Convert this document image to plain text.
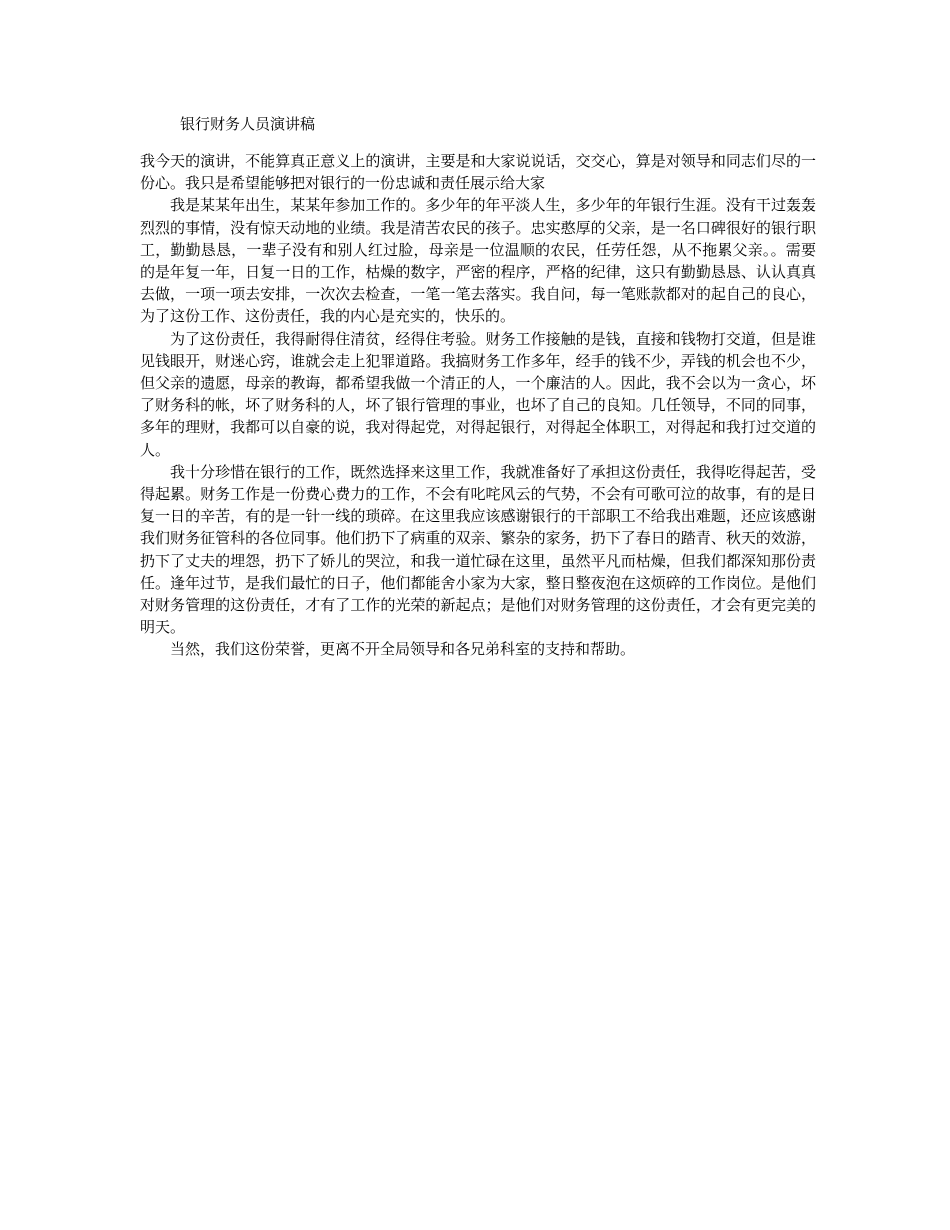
银行财务人员演讲稿

我今天的演讲，不能算真正意义上的演讲，主要是和大家说说话，交交心，算是对领导和同志们尽的一份心。我只是希望能够把对银行的一份忠诚和责任展示给大家

我是某某年出生，某某年参加工作的。多少年的年平淡人生，多少年的年银行生涯。没有干过轰轰烈烈的事情，没有惊天动地的业绩。我是清苦农民的孩子。忠实憨厚的父亲，是一名口碑很好的银行职工，勤勤恳恳，一辈子没有和别人红过脸，母亲是一位温顺的农民，任劳任怨，从不拖累父亲。。需要的是年复一年，日复一日的工作，枯燥的数字，严密的程序，严格的纪律，这只有勤勤恳恳、认认真真去做，一项一项去安排，一次次去检查，一笔一笔去落实。我自问，每一笔账款都对的起自己的良心，为了这份工作、这份责任，我的内心是充实的，快乐的。

为了这份责任，我得耐得住清贫，经得住考验。财务工作接触的是钱，直接和钱物打交道，但是谁见钱眼开，财迷心窍，谁就会走上犯罪道路。我搞财务工作多年，经手的钱不少，弄钱的机会也不少，但父亲的遗愿，母亲的教诲，都希望我做一个清正的人，一个廉洁的人。因此，我不会以为一贪心，坏了财务科的帐，坏了财务科的人，坏了银行管理的事业，也坏了自己的良知。几任领导，不同的同事，多年的理财，我都可以自豪的说，我对得起党，对得起银行，对得起全体职工，对得起和我打过交道的人。

我十分珍惜在银行的工作，既然选择来这里工作，我就准备好了承担这份责任，我得吃得起苦，受得起累。财务工作是一份费心费力的工作，不会有叱咤风云的气势，不会有可歌可泣的故事，有的是日复一日的辛苦，有的是一针一线的琐碎。在这里我应该感谢银行的干部职工不给我出难题，还应该感谢我们财务征管科的各位同事。他们扔下了病重的双亲、繁杂的家务，扔下了春日的踏青、秋天的效游，扔下了丈夫的埋怨，扔下了娇儿的哭泣，和我一道忙碌在这里，虽然平凡而枯燥，但我们都深知那份责任。逢年过节，是我们最忙的日子，他们都能舍小家为大家，整日整夜泡在这烦碎的工作岗位。是他们对财务管理的这份责任，才有了工作的光荣的新起点；是他们对财务管理的这份责任，才会有更完美的明天。

当然，我们这份荣誉，更离不开全局领导和各兄弟科室的支持和帮助。
